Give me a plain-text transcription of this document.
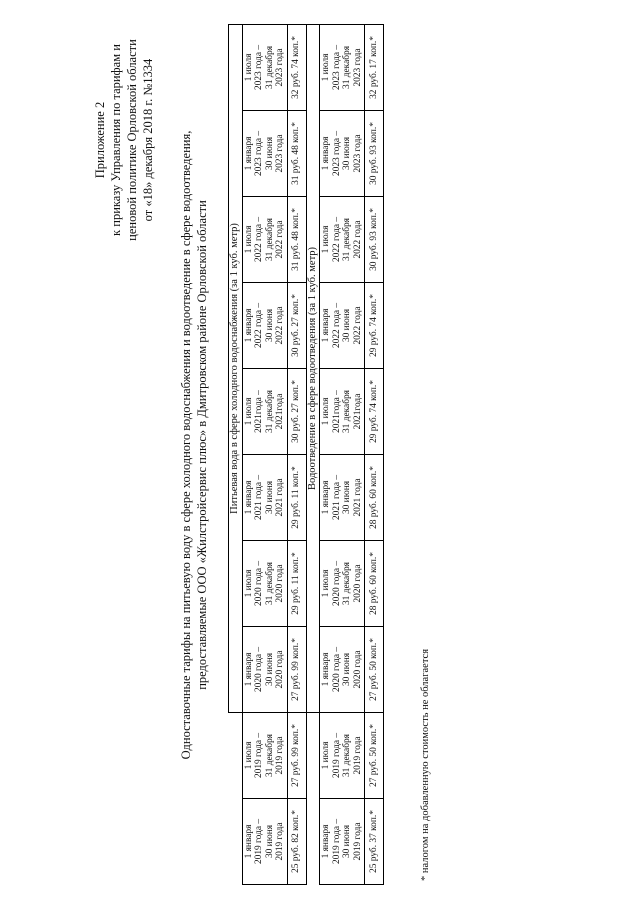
Приложение 2 к приказу Управления по тарифам и ценовой политике Орловской области от «18» декабря 2018 г. №1334 Одноставочные тарифы на питьевую воду в сфере холодного водоснабжения и водоотведение в сфере водоотведения, предоставляемые ООО «Жилстройсервис плюс» в Дмитровском районе Орловской области
		Питьевая вода в сфере холодного водоснабжения (за 1 куб. метр)							

1 января 2019 года – 30 июня 2019 года	1 июля 2019 года – 31 декабря 2019 года	1 января 2020 года – 30 июня 2020 года	1 июля 2020 года – 31 декабря 2020 года	1 января 2021 года – 30 июня 2021 года	1 июля 2021года – 31 декабря 2021года	1 января 2022 года – 30 июня 2022 года	1 июля 2022 года – 31 декабря 2022 года	1 января 2023 года – 30 июня 2023 года	1 июля 2023 года – 31 декабря 2023 года

25 руб. 82 коп.*	27 руб. 99 коп.*	27 руб. 99 коп.*	29 руб. 11 коп.*	29 руб. 11 коп.*	30 руб. 27 коп.*	30 руб. 27 коп.*	31 руб. 48 коп.*	31 руб. 48 коп.*	32 руб. 74 коп.*
		Водоотведение в сфере водоотведения (за 1 куб. метр)							

1 января 2019 года – 30 июня 2019 года	1 июля 2019 года – 31 декабря 2019 года	1 января 2020 года – 30 июня 2020 года	1 июля 2020 года – 31 декабря 2020 года	1 января 2021 года – 30 июня 2021 года	1 июля 2021года – 31 декабря 2021года	1 января 2022 года – 30 июня 2022 года	1 июля 2022 года – 31 декабря 2022 года	1 января 2023 года – 30 июня 2023 года	1 июля 2023 года – 31 декабря 2023 года

25 руб. 37 коп.*	27 руб. 50 коп.*	27 руб. 50 коп.*	28 руб. 60 коп.*	28 руб. 60 коп.*	29 руб. 74 коп.*	29 руб. 74 коп.*	30 руб. 93 коп.*	30 руб. 93 коп.*	32 руб. 17 коп.*
* налогом на добавленную стоимость не облагается
